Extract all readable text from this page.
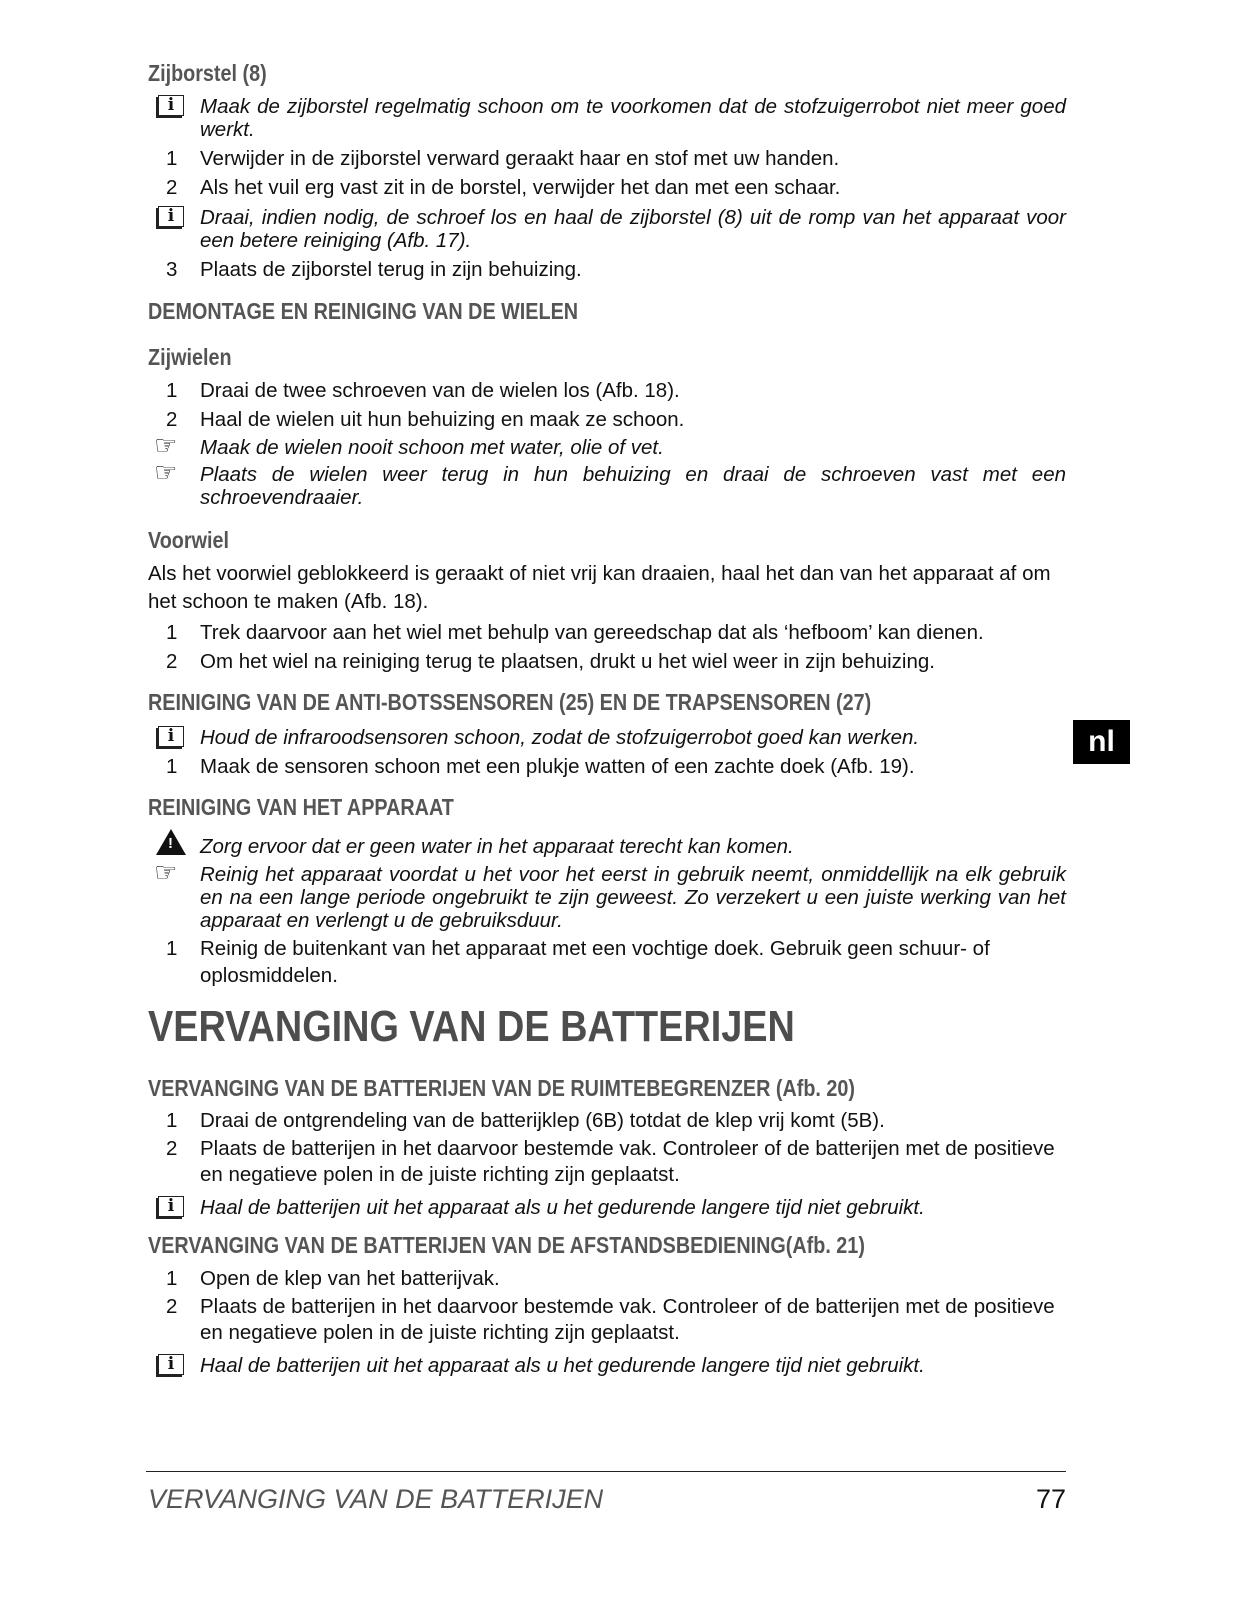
Zijborstel (8)
i	Maak de zijborstel regelmatig schoon om te voorkomen dat de stofzuigerrobot niet meer goed werkt.
1 Verwijder in de zijborstel verward geraakt haar en stof met uw handen.
2 Als het vuil erg vast zit in de borstel, verwijder het dan met een schaar.
i	Draai, indien nodig, de schroef los en haal de zijborstel (8) uit de romp van het apparaat voor een betere reiniging (Afb. 17).
3 Plaats de zijborstel terug in zijn behuizing.
DEMONTAGE EN REINIGING VAN DE WIELEN
Zijwielen
1 Draai de twee schroeven van de wielen los (Afb. 18).
2 Haal de wielen uit hun behuizing en maak ze schoon.
☞ Maak de wielen nooit schoon met water, olie of vet.
☞ Plaats de wielen weer terug in hun behuizing en draai de schroeven vast met een schroevendraaier.
Voorwiel
Als het voorwiel geblokkeerd is geraakt of niet vrij kan draaien, haal het dan van het apparaat af om het schoon te maken (Afb. 18).
1 Trek daarvoor aan het wiel met behulp van gereedschap dat als ‘hefboom’ kan dienen.
2 Om het wiel na reiniging terug te plaatsen, drukt u het wiel weer in zijn behuizing.
REINIGING VAN DE ANTI-BOTSSENSOREN (25) EN DE TRAPSENSOREN (27)
i	Houd de infraroodsensoren schoon, zodat de stofzuigerrobot goed kan werken.
1 Maak de sensoren schoon met een plukje watten of een zachte doek (Afb. 19).
REINIGING VAN HET APPARAAT
! Zorg ervoor dat er geen water in het apparaat terecht kan komen.
☞ Reinig het apparaat voordat u het voor het eerst in gebruik neemt, onmiddellijk na elk gebruik en na een lange periode ongebruikt te zijn geweest. Zo verzekert u een juiste werking van het apparaat en verlengt u de gebruiksduur.
1 Reinig de buitenkant van het apparaat met een vochtige doek. Gebruik geen schuur- of oplosmiddelen.
VERVANGING VAN DE BATTERIJEN
VERVANGING VAN DE BATTERIJEN VAN DE RUIMTEBEGRENZER (Afb. 20)
1 Draai de ontgrendeling van de batterijklep (6B) totdat de klep vrij komt (5B).
2 Plaats de batterijen in het daarvoor bestemde vak. Controleer of de batterijen met de positieve en negatieve polen in de juiste richting zijn geplaatst.
i	Haal de batterijen uit het apparaat als u het gedurende langere tijd niet gebruikt.
VERVANGING VAN DE BATTERIJEN VAN DE AFSTANDSBEDIENING(Afb. 21)
1 Open de klep van het batterijvak.
2 Plaats de batterijen in het daarvoor bestemde vak. Controleer of de batterijen met de positieve en negatieve polen in de juiste richting zijn geplaatst.
i	Haal de batterijen uit het apparaat als u het gedurende langere tijd niet gebruikt.
nl
VERVANGING VAN DE BATTERIJEN	77
